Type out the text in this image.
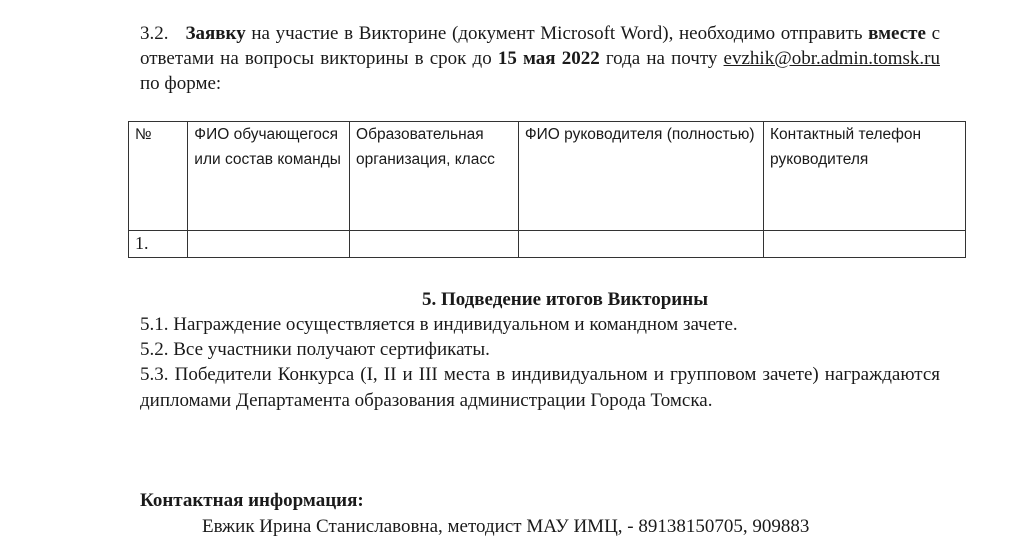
3.2. Заявку на участие в Викторине (документ Microsoft Word), необходимо отправить вместе с ответами на вопросы викторины в срок до 15 мая 2022 года на почту evzhik@obr.admin.tomsk.ru по форме:
№	ФИО обучающегося или состав команды	Образовательная организация, класс	ФИО руководителя (полностью)	Контактный телефон руководителя
1.				
5. Подведение итогов Викторины
5.1. Награждение осуществляется в индивидуальном и командном зачете.
5.2. Все участники получают сертификаты.
5.3. Победители Конкурса (I, II и III места в индивидуальном и групповом зачете) награждаются дипломами Департамента образования администрации Города Томска.
Контактная информация:
Евжик Ирина Станиславовна, методист МАУ ИМЦ, - 89138150705, 909883
